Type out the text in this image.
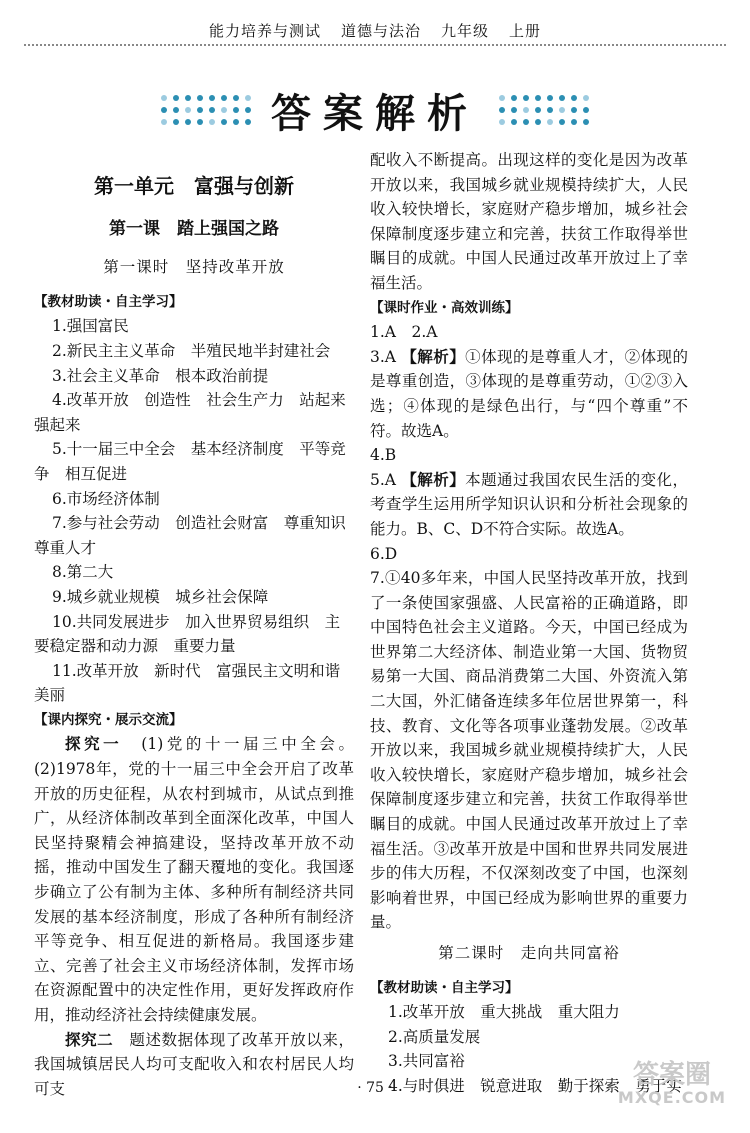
能力培养与测试 道德与法治 九年级 上册
答案解析
第一单元　富强与创新
第一课　踏上强国之路
第一课时　坚持改革开放

【教材助读・自主学习】

1.强国富民

2.新民主主义革命　半殖民地半封建社会

3.社会主义革命　根本政治前提

4.改革开放　创造性　社会生产力　站起来

强起来

5.十一届三中全会　基本经济制度　平等竞

争　相互促进

6.市场经济体制

7.参与社会劳动　创造社会财富　尊重知识

尊重人才

8.第二大

9.城乡就业规模　城乡社会保障

10.共同发展进步　加入世界贸易组织　主

要稳定器和动力源　重要力量

11.改革开放　新时代　富强民主文明和谐

美丽

【课内探究・展示交流】

探究一　 (1)党的十一届三中全会。(2)1978年，党的十一届三中全会开启了改革开放的历史征程，从农村到城市，从试点到推广，从经济体制改革到全面深化改革，中国人民坚持聚精会神搞建设，坚持改革开放不动摇，推动中国发生了翻天覆地的变化。我国逐步确立了公有制为主体、多种所有制经济共同发展的基本经济制度，形成了各种所有制经济平等竞争、相互促进的新格局。我国逐步建立、完善了社会主义市场经济体制，发挥市场在资源配置中的决定性作用，更好发挥政府作用，推动经济社会持续健康发展。

探究二　 题述数据体现了改革开放以来，我国城镇居民人均可支配收入和农村居民人均可支

配收入不断提高。出现这样的变化是因为改革开放以来，我国城乡就业规模持续扩大，人民收入较快增长，家庭财产稳步增加，城乡社会保障制度逐步建立和完善，扶贫工作取得举世瞩目的成就。中国人民通过改革开放过上了幸福生活。

【课时作业・高效训练】

1.A　2.A

3.A 【解析】①体现的是尊重人才，②体现的是尊重创造，③体现的是尊重劳动，①②③入选；④体现的是绿色出行，与“四个尊重”不符。故选A。

4.B

5.A 【解析】本题通过我国农民生活的变化，考查学生运用所学知识认识和分析社会现象的能力。B、C、D不符合实际。故选A。

6.D

7.①40多年来，中国人民坚持改革开放，找到了一条使国家强盛、人民富裕的正确道路，即中国特色社会主义道路。今天，中国已经成为世界第二大经济体、制造业第一大国、货物贸易第一大国、商品消费第二大国、外资流入第二大国，外汇储备连续多年位居世界第一，科技、教育、文化等各项事业蓬勃发展。②改革开放以来，我国城乡就业规模持续扩大，人民收入较快增长，家庭财产稳步增加，城乡社会保障制度逐步建立和完善，扶贫工作取得举世瞩目的成就。中国人民通过改革开放过上了幸福生活。③改革开放是中国和世界共同发展进步的伟大历程，不仅深刻改变了中国，也深刻影响着世界，中国已经成为影响世界的重要力量。

第二课时　走向共同富裕

【教材助读・自主学习】

1.改革开放　重大挑战　重大阻力

2.高质量发展

3.共同富裕

4.与时俱进　锐意进取　勤于探索　勇于实

· 75 ·	答案圈
MXQE.COM
